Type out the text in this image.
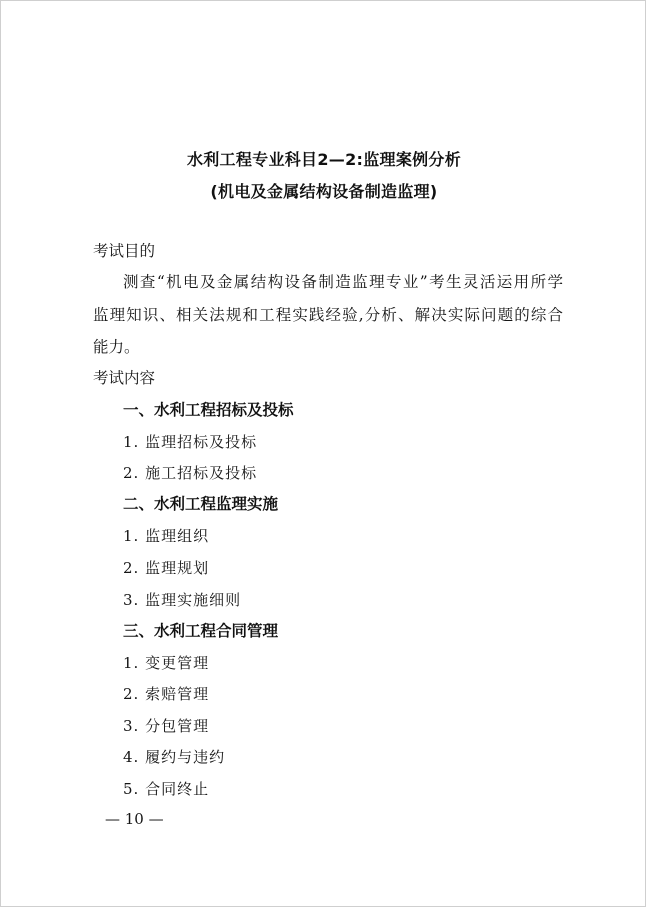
水利工程专业科目2—2:监理案例分析
(机电及金属结构设备制造监理)
考试目的
测查“机电及金属结构设备制造监理专业”考生灵活运用所学
监理知识、相关法规和工程实践经验,分析、解决实际问题的综合
能力。
考试内容
一、水利工程招标及投标
1. 监理招标及投标
2. 施工招标及投标
二、水利工程监理实施
1. 监理组织
2. 监理规划
3. 监理实施细则
三、水利工程合同管理
1. 变更管理
2. 索赔管理
3. 分包管理
4. 履约与违约
5. 合同终止
— 10 —
